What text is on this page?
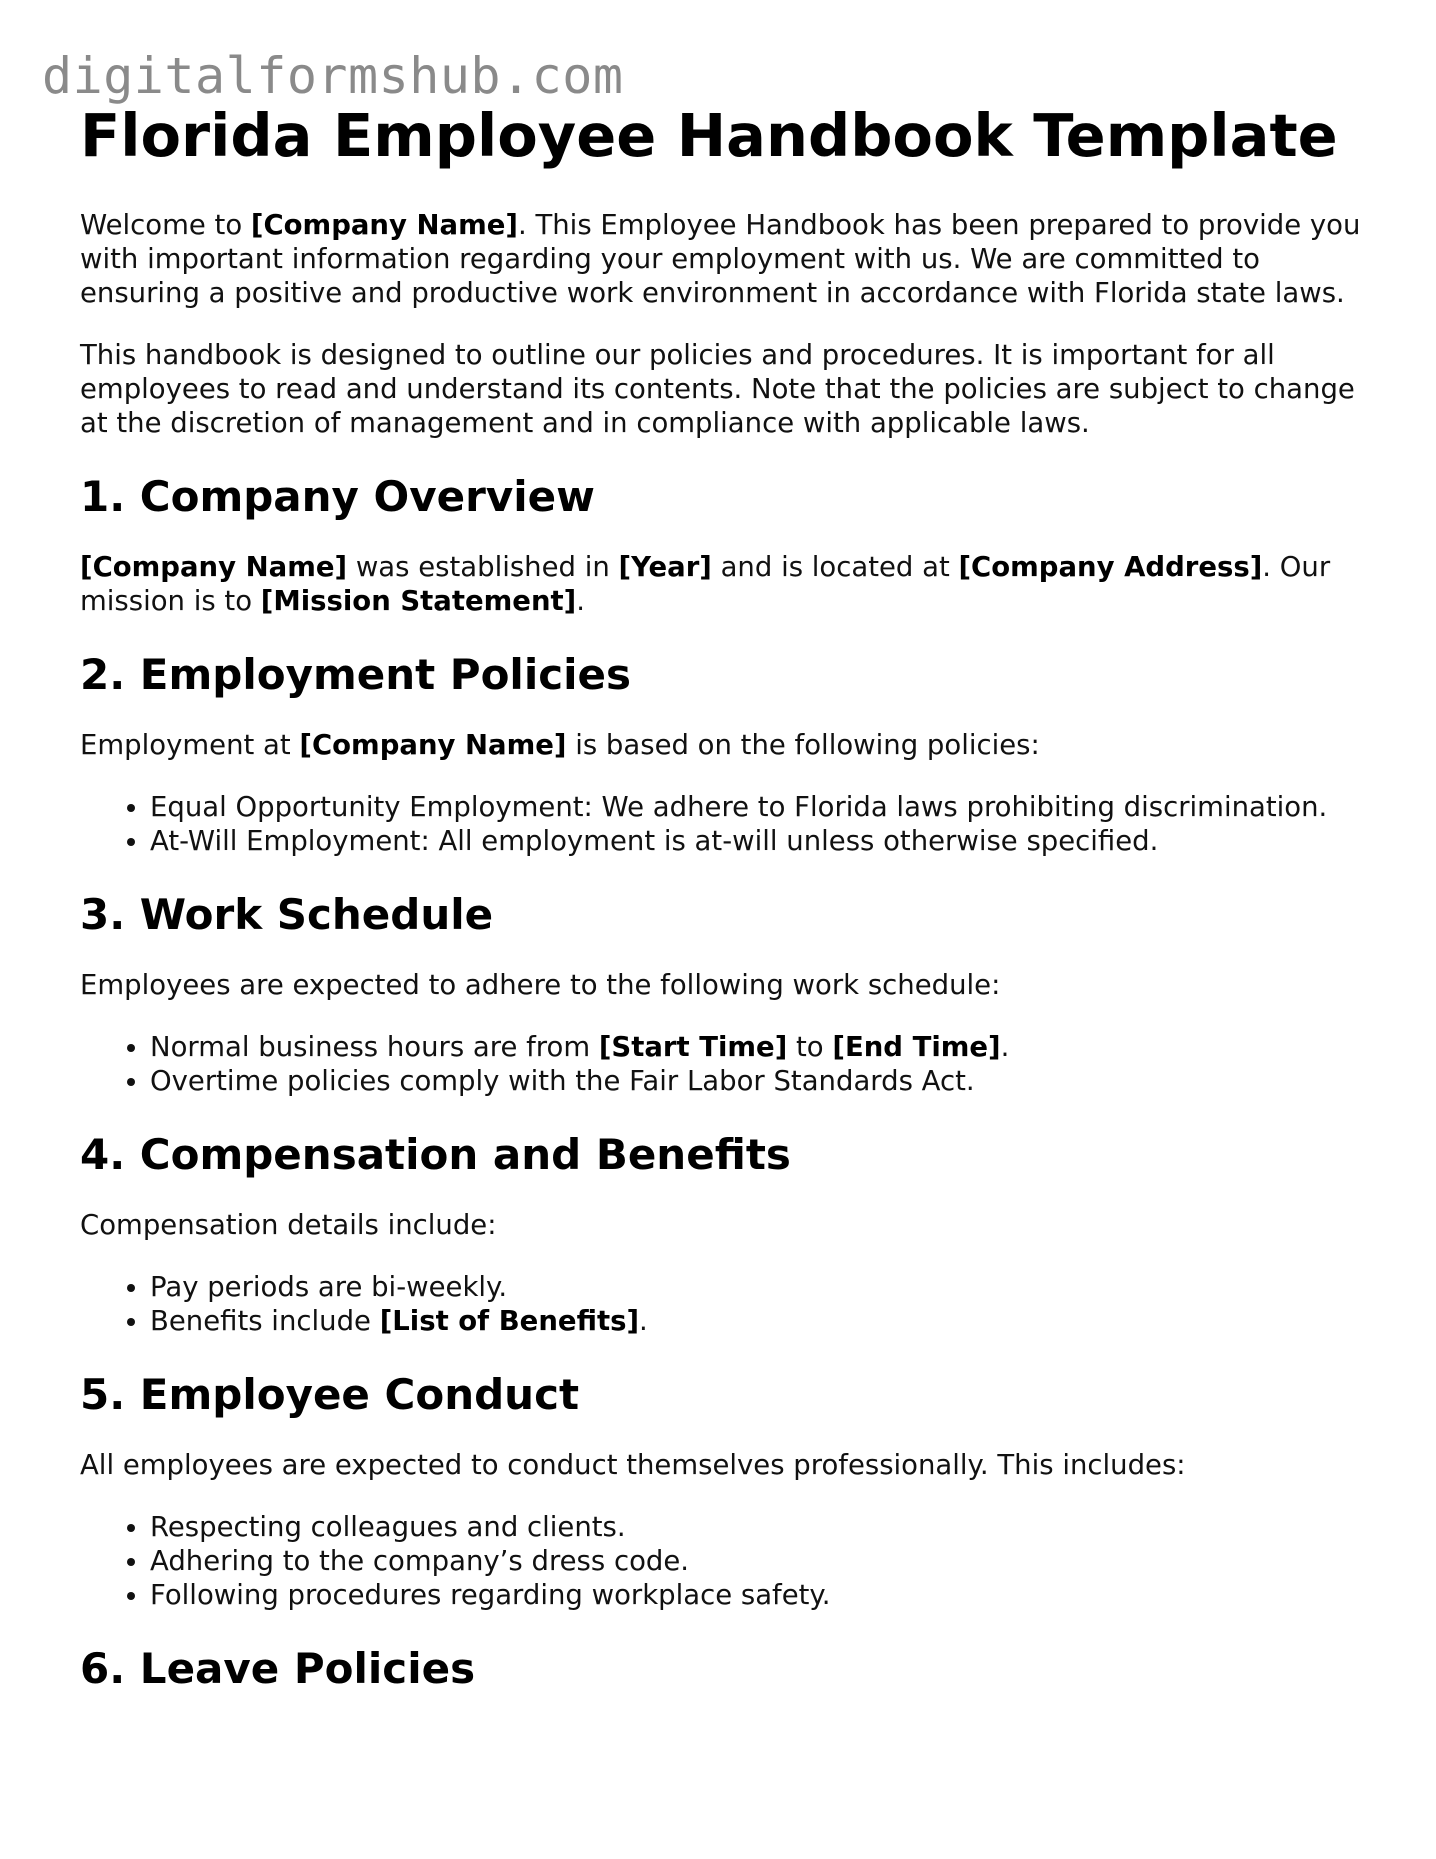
digitalformshub.com
Florida Employee Handbook Template

Welcome to [Company Name]. This Employee Handbook has been prepared to provide you with important information regarding your employment with us. We are committed to ensuring a positive and productive work environment in accordance with Florida state laws.

This handbook is designed to outline our policies and procedures. It is important for all employees to read and understand its contents. Note that the policies are subject to change at the discretion of management and in compliance with applicable laws.

1. Company Overview

[Company Name] was established in [Year] and is located at [Company Address]. Our mission is to [Mission Statement].

2. Employment Policies

Employment at [Company Name] is based on the following policies:

• Equal Opportunity Employment: We adhere to Florida laws prohibiting discrimination.
• At-Will Employment: All employment is at-will unless otherwise specified.
3. Work Schedule

Employees are expected to adhere to the following work schedule:

• Normal business hours are from [Start Time] to [End Time].
• Overtime policies comply with the Fair Labor Standards Act.
4. Compensation and Benefits

Compensation details include:

• Pay periods are bi-weekly.
• Benefits include [List of Benefits].
5. Employee Conduct

All employees are expected to conduct themselves professionally. This includes:

• Respecting colleagues and clients.
• Adhering to the company’s dress code.
• Following procedures regarding workplace safety.
6. Leave Policies
